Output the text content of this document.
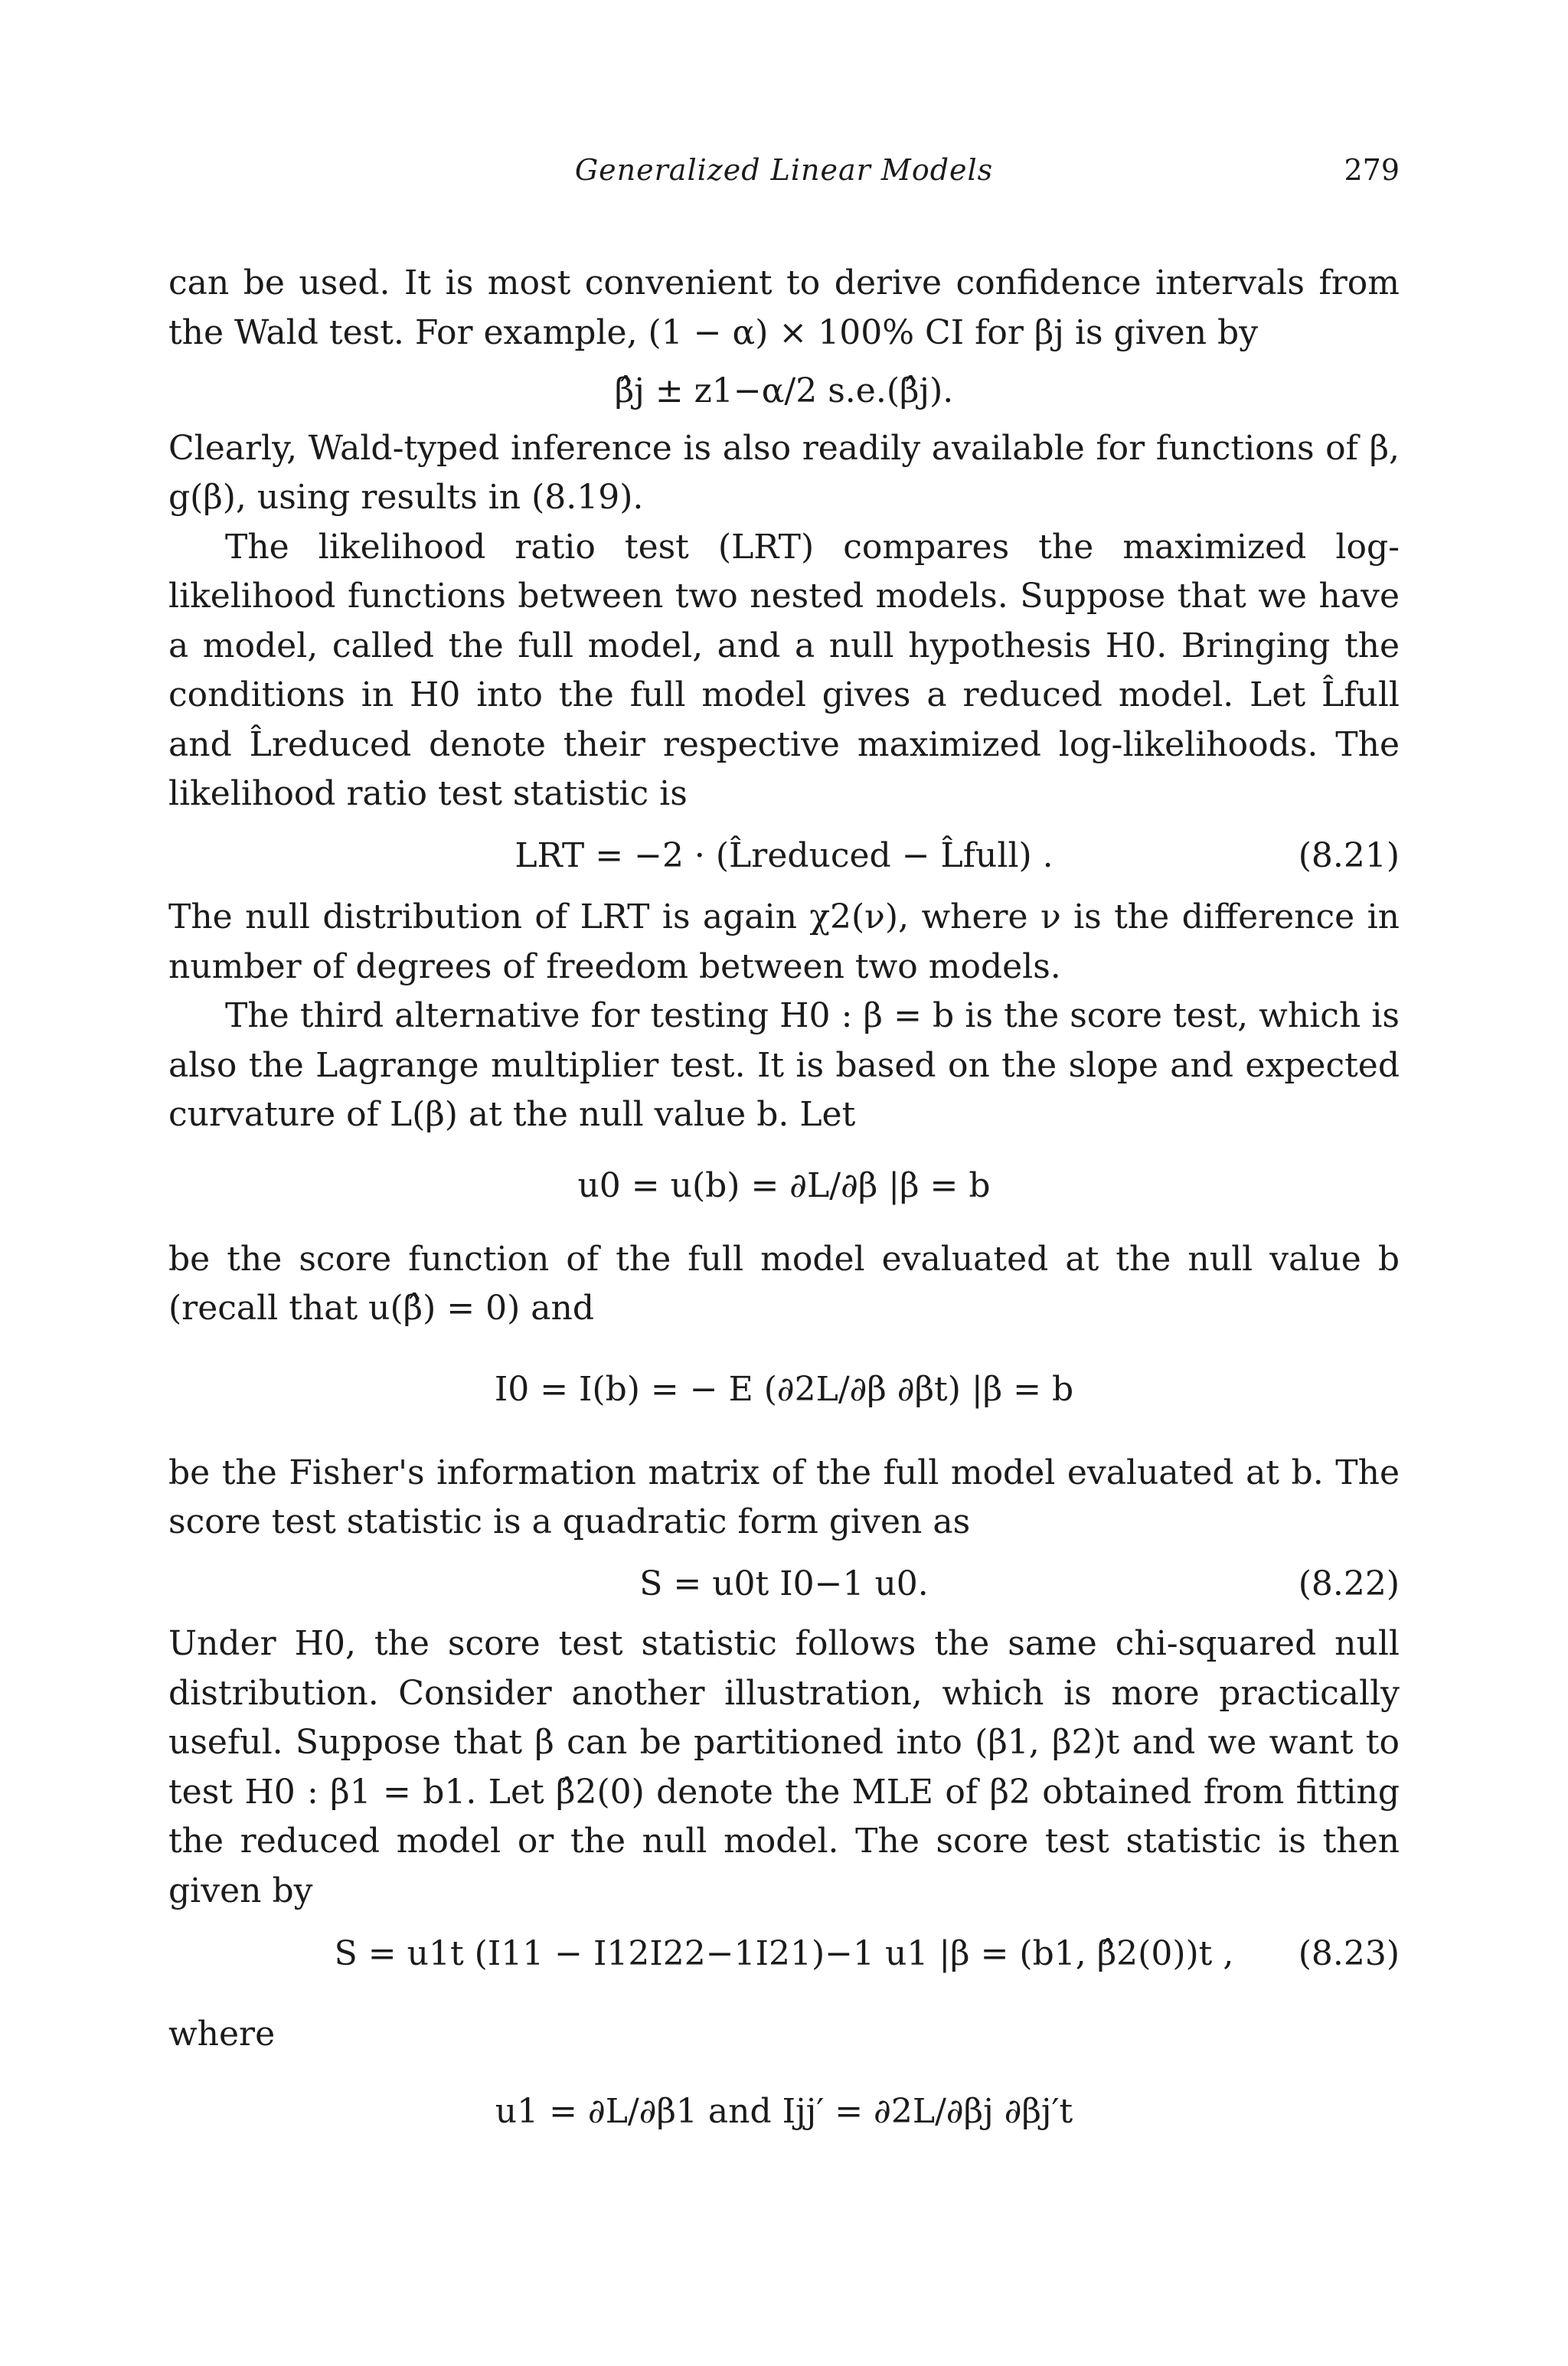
Generalized Linear Models	279

can be used. It is most convenient to derive confidence intervals from the Wald test. For example, (1 − α) × 100% CI for βj is given by

β̂j ± z1−α/2 s.e.(β̂j).

Clearly, Wald-typed inference is also readily available for functions of β, g(β), using results in (8.19).

The likelihood ratio test (LRT) compares the maximized log-likelihood functions between two nested models. Suppose that we have a model, called the full model, and a null hypothesis H0. Bringing the conditions in H0 into the full model gives a reduced model. Let L̂full and L̂reduced denote their respective maximized log-likelihoods. The likelihood ratio test statistic is

LRT = −2 · (L̂reduced − L̂full) .	(8.21)

The null distribution of LRT is again χ2(ν), where ν is the difference in number of degrees of freedom between two models.

The third alternative for testing H0 : β = b is the score test, which is also the Lagrange multiplier test. It is based on the slope and expected curvature of L(β) at the null value b. Let

u0 = u(b) = ∂L/∂β |β = b

be the score function of the full model evaluated at the null value b (recall that u(β̂) = 0) and

I0 = I(b) = − E (∂2L/∂β ∂βt) |β = b

be the Fisher's information matrix of the full model evaluated at b. The score test statistic is a quadratic form given as

S = u0t I0−1 u0.	(8.22)

Under H0, the score test statistic follows the same chi-squared null distribution. Consider another illustration, which is more practically useful. Suppose that β can be partitioned into (β1, β2)t and we want to test H0 : β1 = b1. Let β̂2(0) denote the MLE of β2 obtained from fitting the reduced model or the null model. The score test statistic is then given by

S = u1t (I11 − I12I22−1I21)−1 u1 |β = (b1, β̂2(0))t , (8.23)

where

u1 = ∂L/∂β1 and Ijj′ = ∂2L/∂βj ∂βj′t
